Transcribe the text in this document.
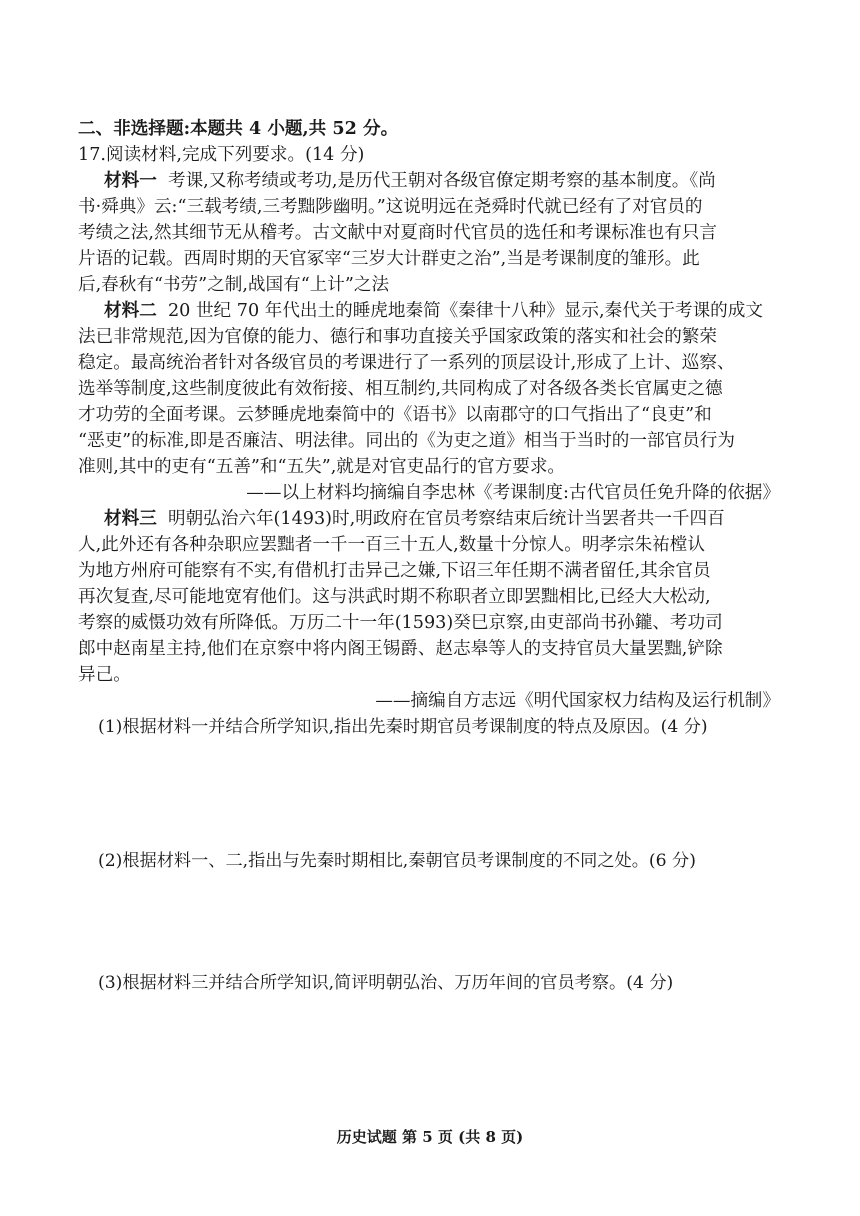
二、非选择题:本题共 4 小题,共 52 分。
17.阅读材料,完成下列要求。(14 分)
材料一 考课,又称考绩或考功,是历代王朝对各级官僚定期考察的基本制度。《尚
书·舜典》云:“三载考绩,三考黜陟幽明。”这说明远在尧舜时代就已经有了对官员的
考绩之法,然其细节无从稽考。古文献中对夏商时代官员的选任和考课标准也有只言
片语的记载。西周时期的天官冢宰“三岁大计群吏之治”,当是考课制度的雏形。此
后,春秋有“书劳”之制,战国有“上计”之法
材料二 20 世纪 70 年代出土的睡虎地秦简《秦律十八种》显示,秦代关于考课的成文
法已非常规范,因为官僚的能力、德行和事功直接关乎国家政策的落实和社会的繁荣
稳定。最高统治者针对各级官员的考课进行了一系列的顶层设计,形成了上计、巡察、
选举等制度,这些制度彼此有效衔接、相互制约,共同构成了对各级各类长官属吏之德
才功劳的全面考课。云梦睡虎地秦简中的《语书》以南郡守的口气指出了“良吏”和
“恶吏”的标准,即是否廉洁、明法律。同出的《为吏之道》相当于当时的一部官员行为
准则,其中的吏有“五善”和“五失”,就是对官吏品行的官方要求。
——以上材料均摘编自李忠林《考课制度:古代官员任免升降的依据》
材料三 明朝弘治六年(1493)时,明政府在官员考察结束后统计当罢者共一千四百
人,此外还有各种杂职应罢黜者一千一百三十五人,数量十分惊人。明孝宗朱祐樘认
为地方州府可能察有不实,有借机打击异己之嫌,下诏三年任期不满者留任,其余官员
再次复查,尽可能地宽宥他们。这与洪武时期不称职者立即罢黜相比,已经大大松动,
考察的威慑功效有所降低。万历二十一年(1593)癸巳京察,由吏部尚书孙鑨、考功司
郎中赵南星主持,他们在京察中将内阁王锡爵、赵志皋等人的支持官员大量罢黜,铲除
异己。
——摘编自方志远《明代国家权力结构及运行机制》
(1)根据材料一并结合所学知识,指出先秦时期官员考课制度的特点及原因。(4 分)
(2)根据材料一、二,指出与先秦时期相比,秦朝官员考课制度的不同之处。(6 分)
(3)根据材料三并结合所学知识,简评明朝弘治、万历年间的官员考察。(4 分)
历史试题 第 5 页 (共 8 页)
